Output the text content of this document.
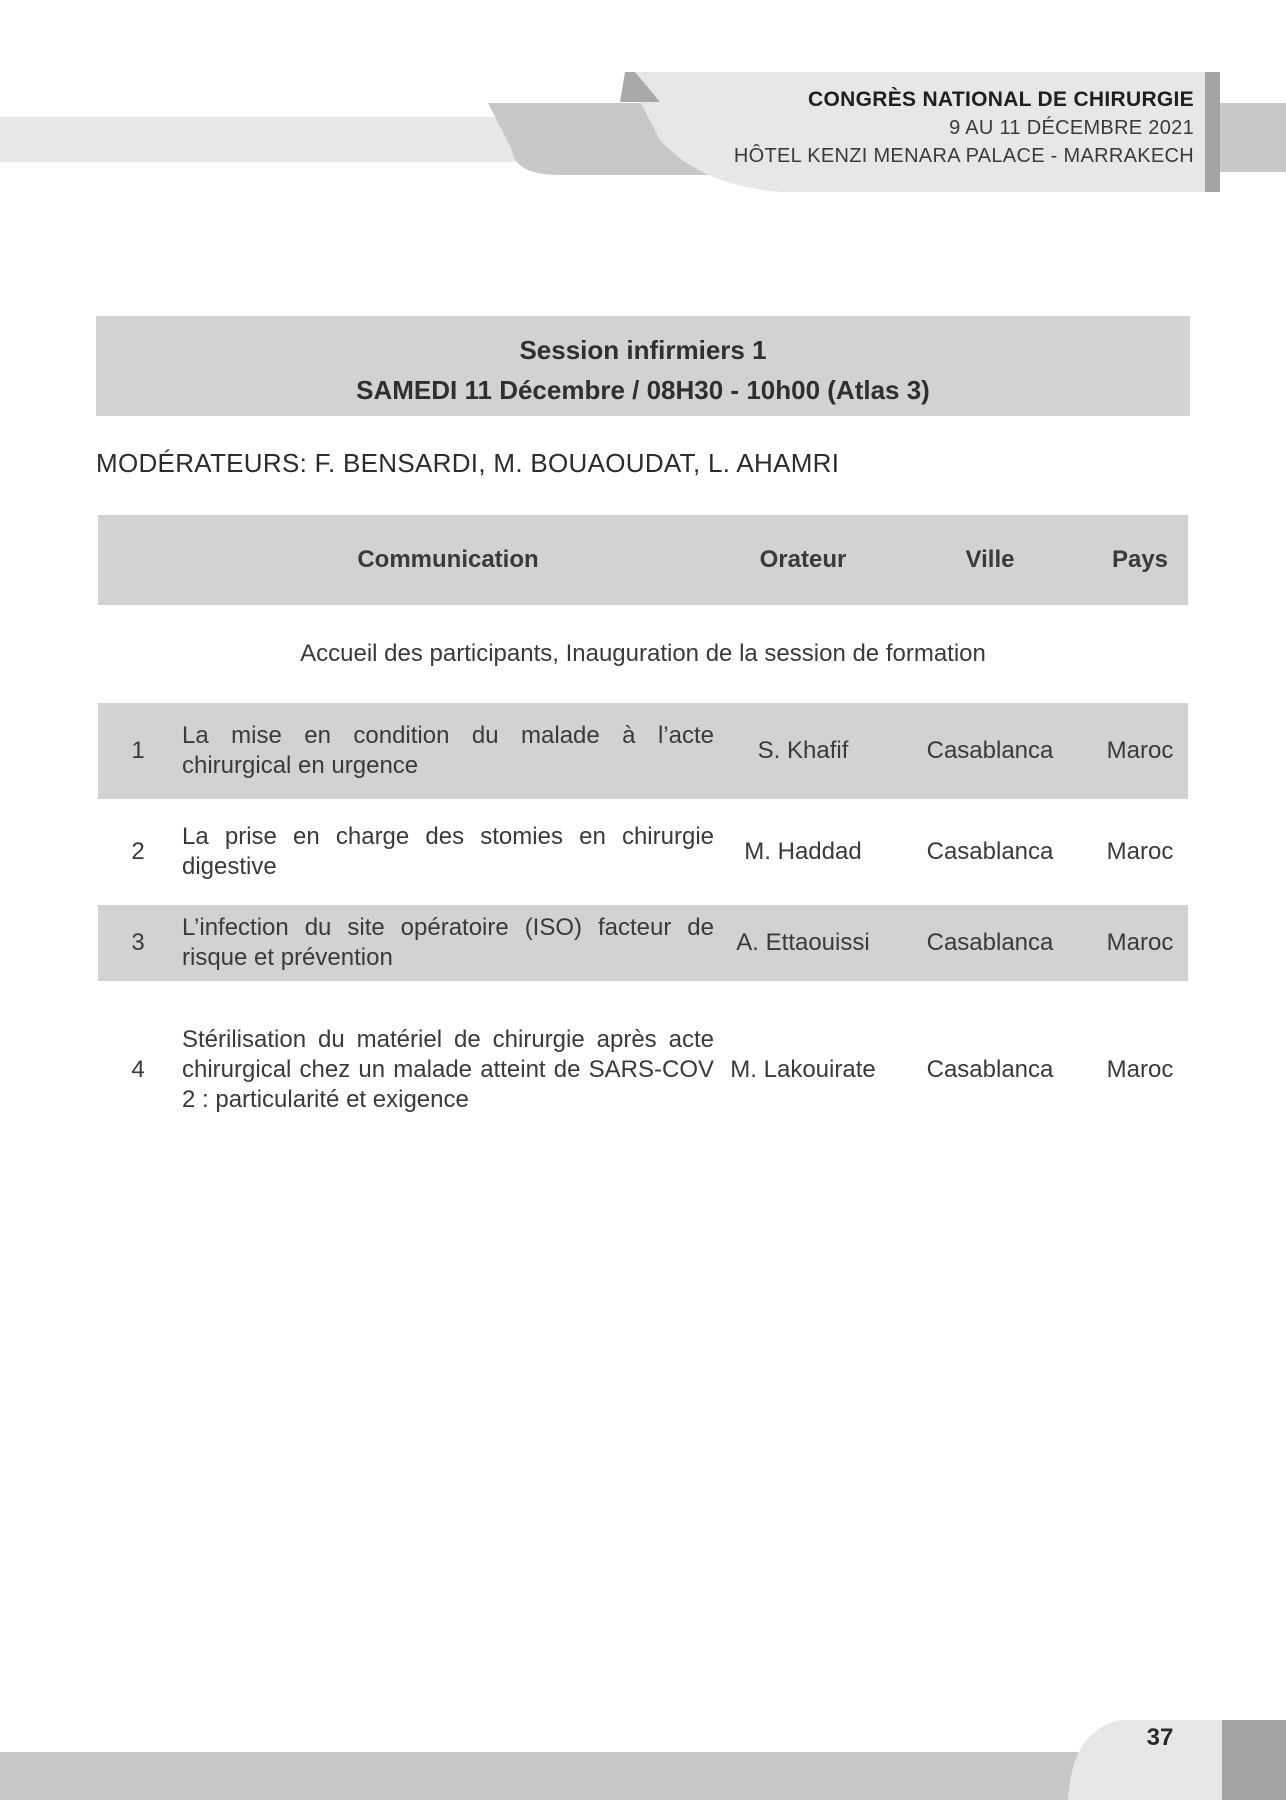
CONGRÈS NATIONAL DE CHIRURGIE
9 AU 11 DÉCEMBRE 2021
HÔTEL KENZI MENARA PALACE - MARRAKECH
Session infirmiers 1
SAMEDI 11 Décembre / 08H30 - 10h00 (Atlas 3)
MODÉRATEURS: F. BENSARDI, M. BOUAOUDAT, L. AHAMRI
	Communication	Orateur	Ville	Pays
Accueil des participants, Inauguration de la session de formation				
1	La mise en condition du malade à l’acte chirurgical en urgence	S. Khafif	Casablanca	Maroc
2	La prise en charge des stomies en chirurgie digestive	M. Haddad	Casablanca	Maroc
3	L’infection du site opératoire (ISO) facteur de risque et prévention	A. Ettaouissi	Casablanca	Maroc
4	Stérilisation du matériel de chirurgie après acte chirurgical chez un malade atteint de SARS-COV 2 : particularité et exigence	M. Lakouirate	Casablanca	Maroc
37
